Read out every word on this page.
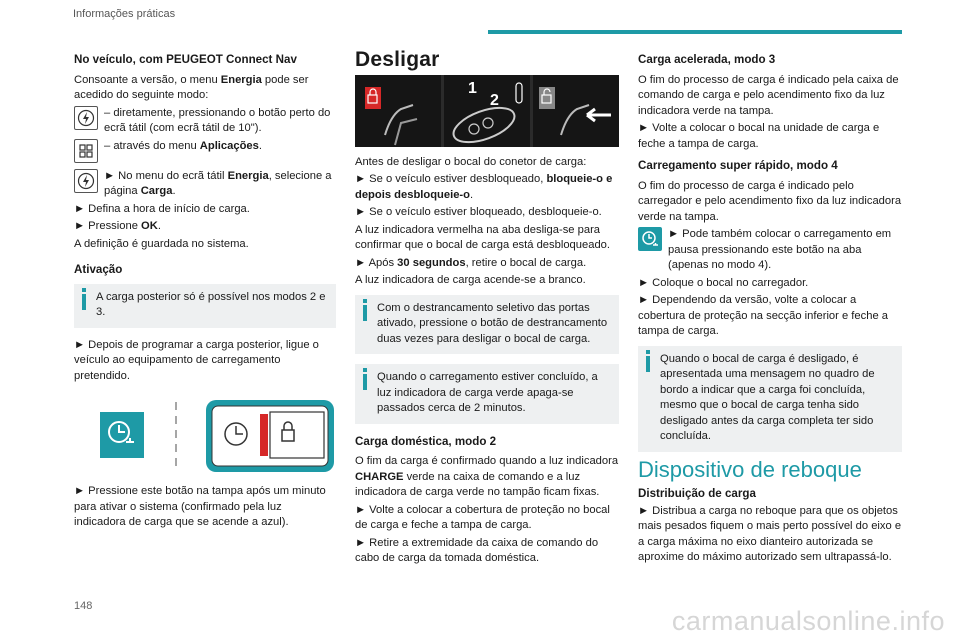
Informações práticas
No veículo, com PEUGEOT Connect Nav

Consoante a versão, o menu Energia pode ser acedido do seguinte modo:

– diretamente, pressionando o botão perto do ecrã tátil (com ecrã tátil de 10").
– através do menu Aplicações.
► No menu do ecrã tátil Energia, selecione a página Carga.

► Defina a hora de início de carga.

► Pressione OK.

A definição é guardada no sistema.

Ativação
A carga posterior só é possível nos modos 2 e 3.

► Depois de programar a carga posterior, ligue o veículo ao equipamento de carregamento pretendido.

► Pressione este botão na tampa após um minuto para ativar o sistema (confirmado pela luz indicadora de carga que se acende a azul).

Desligar
1
2

Antes de desligar o bocal do conetor de carga:

► Se o veículo estiver desbloqueado, bloqueie-o e depois desbloqueie-o.

► Se o veículo estiver bloqueado, desbloqueie-o.

A luz indicadora vermelha na aba desliga-se para confirmar que o bocal de carga está desbloqueado.

► Após 30 segundos, retire o bocal de carga.

A luz indicadora de carga acende-se a branco.

Com o destrancamento seletivo das portas ativado, pressione o botão de destrancamento duas vezes para desligar o bocal de carga.
Quando o carregamento estiver concluído, a luz indicadora de carga verde apaga-se passados cerca de 2 minutos.
Carga doméstica, modo 2

O fim da carga é confirmado quando a luz indicadora CHARGE verde na caixa de comando e a luz indicadora de carga verde no tampão ficam fixas.

► Volte a colocar a cobertura de proteção no bocal de carga e feche a tampa de carga.

► Retire a extremidade da caixa de comando do cabo de carga da tomada doméstica.

Carga acelerada, modo 3

O fim do processo de carga é indicado pela caixa de comando de carga e pelo acendimento fixo da luz indicadora verde na tampa.

► Volte a colocar o bocal na unidade de carga e feche a tampa de carga.

Carregamento super rápido, modo 4

O fim do processo de carga é indicado pelo carregador e pelo acendimento fixo da luz indicadora verde na tampa.

► Pode também colocar o carregamento em pausa pressionando este botão na aba (apenas no modo 4).

► Coloque o bocal no carregador.

► Dependendo da versão, volte a colocar a cobertura de proteção na secção inferior e feche a tampa de carga.

Quando o bocal de carga é desligado, é apresentada uma mensagem no quadro de bordo a indicar que a carga foi concluída, mesmo que o bocal de carga tenha sido desligado antes da carga completa ter sido concluída.
Dispositivo de reboque
Distribuição de carga

► Distribua a carga no reboque para que os objetos mais pesados fiquem o mais perto possível do eixo e a carga máxima no eixo dianteiro autorizada se aproxime do máximo autorizado sem ultrapassá-lo.

148	carmanualsonline.info
